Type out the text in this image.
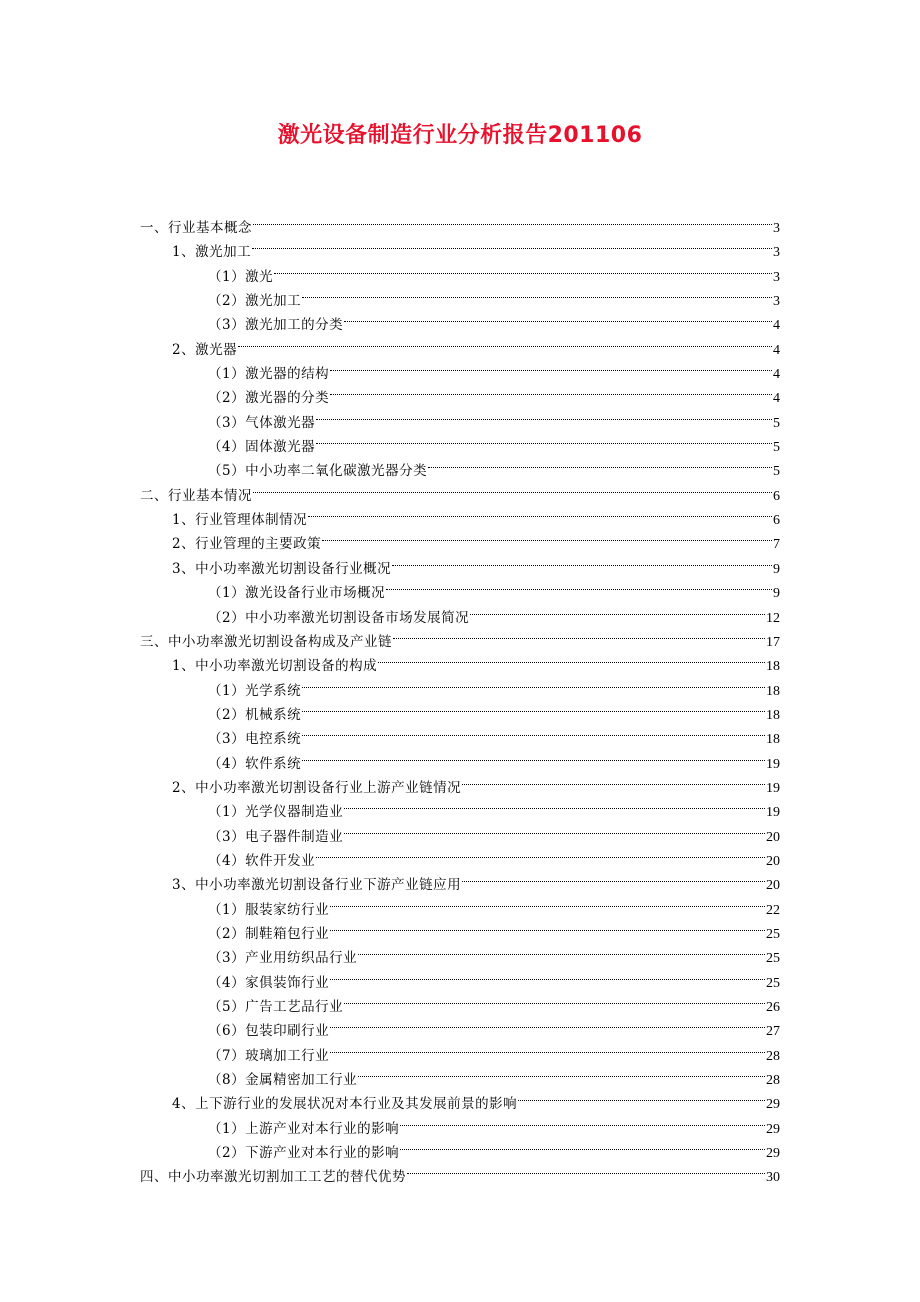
激光设备制造行业分析报告201106
一、行业基本概念	3
1、激光加工	3
（1）激光	3
（2）激光加工	3
（3）激光加工的分类	4
2、激光器	4
（1）激光器的结构	4
（2）激光器的分类	4
（3）气体激光器	5
（4）固体激光器	5
（5）中小功率二氧化碳激光器分类	5
二、行业基本情况	6
1、行业管理体制情况	6
2、行业管理的主要政策	7
3、中小功率激光切割设备行业概况	9
（1）激光设备行业市场概况	9
（2）中小功率激光切割设备市场发展简况	12
三、中小功率激光切割设备构成及产业链	17
1、中小功率激光切割设备的构成	18
（1）光学系统	18
（2）机械系统	18
（3）电控系统	18
（4）软件系统	19
2、中小功率激光切割设备行业上游产业链情况	19
（1）光学仪器制造业	19
（3）电子器件制造业	20
（4）软件开发业	20
3、中小功率激光切割设备行业下游产业链应用	20
（1）服装家纺行业	22
（2）制鞋箱包行业	25
（3）产业用纺织品行业	25
（4）家俱装饰行业	25
（5）广告工艺品行业	26
（6）包装印刷行业	27
（7）玻璃加工行业	28
（8）金属精密加工行业	28
4、上下游行业的发展状况对本行业及其发展前景的影响	29
（1）上游产业对本行业的影响	29
（2）下游产业对本行业的影响	29
四、中小功率激光切割加工工艺的替代优势	30
